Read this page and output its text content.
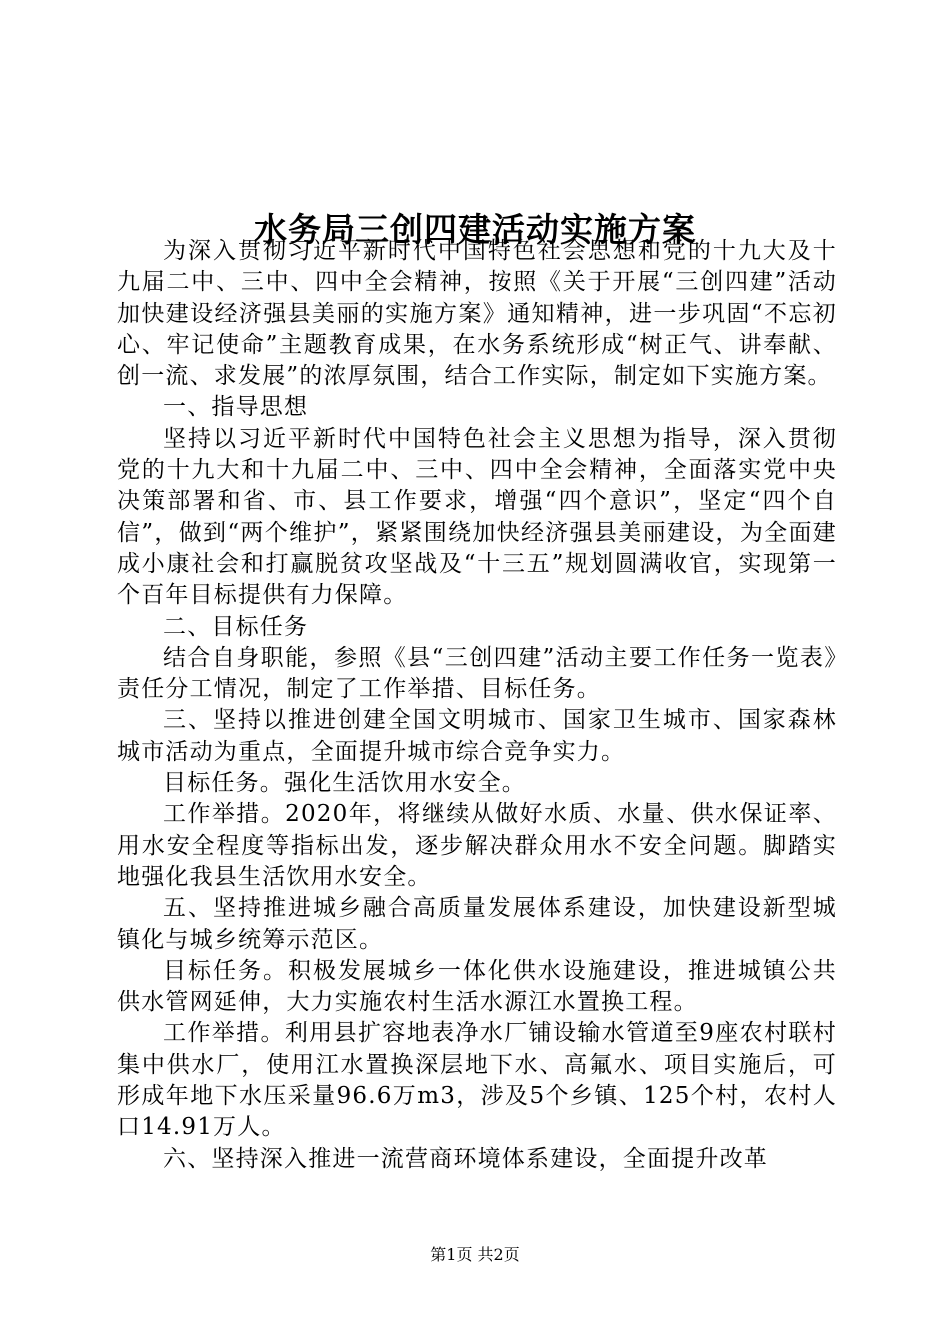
水务局三创四建活动实施方案

为深入贯彻习近平新时代中国特色社会思想和党的十九大及十九届二中、三中、四中全会精神，按照《关于开展“三创四建”活动加快建设经济强县美丽的实施方案》通知精神，进一步巩固“不忘初心、牢记使命”主题教育成果，在水务系统形成“树正气、讲奉献、创一流、求发展”的浓厚氛围，结合工作实际，制定如下实施方案。

一、指导思想

坚持以习近平新时代中国特色社会主义思想为指导，深入贯彻党的十九大和十九届二中、三中、四中全会精神，全面落实党中央决策部署和省、市、县工作要求，增强“四个意识”，坚定“四个自信”，做到“两个维护”，紧紧围绕加快经济强县美丽建设，为全面建成小康社会和打赢脱贫攻坚战及“十三五”规划圆满收官，实现第一个百年目标提供有力保障。

二、目标任务

结合自身职能，参照《县“三创四建”活动主要工作任务一览表》责任分工情况，制定了工作举措、目标任务。

三、坚持以推进创建全国文明城市、国家卫生城市、国家森林城市活动为重点，全面提升城市综合竞争实力。

目标任务。强化生活饮用水安全。

工作举措。2020年，将继续从做好水质、水量、供水保证率、用水安全程度等指标出发，逐步解决群众用水不安全问题。脚踏实地强化我县生活饮用水安全。

五、坚持推进城乡融合高质量发展体系建设，加快建设新型城镇化与城乡统筹示范区。

目标任务。积极发展城乡一体化供水设施建设，推进城镇公共供水管网延伸，大力实施农村生活水源江水置换工程。

工作举措。利用县扩容地表净水厂铺设输水管道至9座农村联村集中供水厂，使用江水置换深层地下水、高氟水、项目实施后，可形成年地下水压采量96.6万m3，涉及5个乡镇、125个村，农村人口14.91万人。

六、坚持深入推进一流营商环境体系建设，全面提升改革

第1页 共2页
